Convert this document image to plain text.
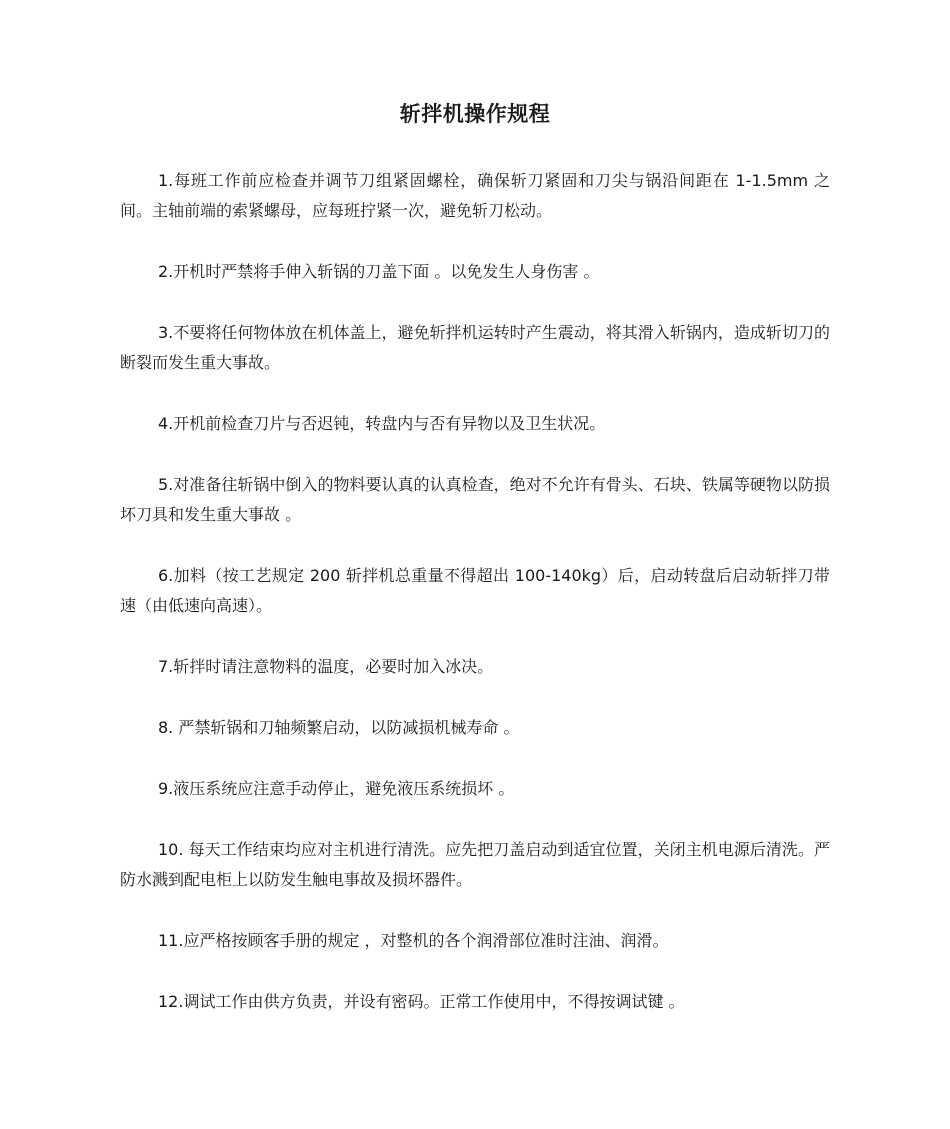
斩拌机操作规程

1.每班工作前应检查并调节刀组紧固螺栓，确保斩刀紧固和刀尖与锅沿间距在 1-1.5mm 之间。主轴前端的索紧螺母，应每班拧紧一次，避免斩刀松动。

2.开机时严禁将手伸入斩锅的刀盖下面 。以免发生人身伤害 。

3.不要将任何物体放在机体盖上，避免斩拌机运转时产生震动，将其滑入斩锅内，造成斩切刀的断裂而发生重大事故。

4.开机前检查刀片与否迟钝，转盘内与否有异物以及卫生状况。

5.对准备往斩锅中倒入的物料要认真的认真检查，绝对不允许有骨头、石块、铁属等硬物以防损坏刀具和发生重大事故 。

6.加料（按工艺规定 200 斩拌机总重量不得超出 100-140kg）后，启动转盘后启动斩拌刀带速（由低速向高速）。

7.斩拌时请注意物料的温度，必要时加入冰决。

8. 严禁斩锅和刀轴频繁启动，以防减损机械寿命 。

9.液压系统应注意手动停止，避免液压系统损坏 。

10. 每天工作结束均应对主机进行清洗。应先把刀盖启动到适宜位置，关闭主机电源后清洗。严防水溅到配电柜上以防发生触电事故及损坏器件。

11.应严格按顾客手册的规定 ，对整机的各个润滑部位准时注油、润滑。

12.调试工作由供方负责，并设有密码。正常工作使用中，不得按调试键 。
